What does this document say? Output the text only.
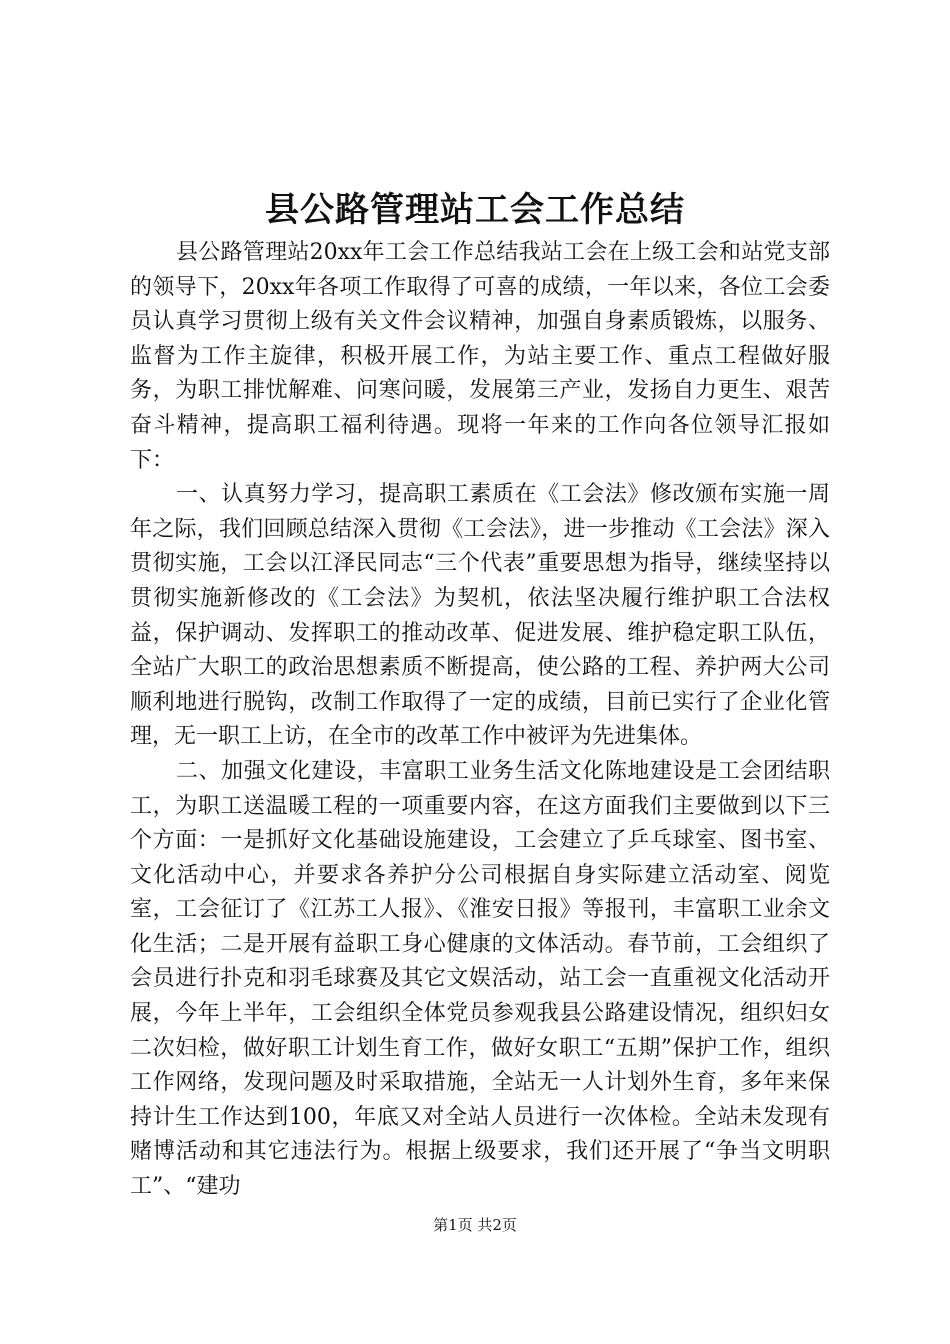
县公路管理站工会工作总结

县公路管理站20xx年工会工作总结我站工会在上级工会和站党支部的领导下，20xx年各项工作取得了可喜的成绩，一年以来，各位工会委员认真学习贯彻上级有关文件会议精神，加强自身素质锻炼，以服务、监督为工作主旋律，积极开展工作，为站主要工作、重点工程做好服务，为职工排忧解难、问寒问暖，发展第三产业，发扬自力更生、艰苦奋斗精神，提高职工福利待遇。现将一年来的工作向各位领导汇报如下：

一、认真努力学习，提高职工素质在《工会法》修改颁布实施一周年之际，我们回顾总结深入贯彻《工会法》，进一步推动《工会法》深入贯彻实施，工会以江泽民同志“三个代表”重要思想为指导，继续坚持以贯彻实施新修改的《工会法》为契机，依法坚决履行维护职工合法权益，保护调动、发挥职工的推动改革、促进发展、维护稳定职工队伍，全站广大职工的政治思想素质不断提高，使公路的工程、养护两大公司顺利地进行脱钩，改制工作取得了一定的成绩，目前已实行了企业化管理，无一职工上访，在全市的改革工作中被评为先进集体。

二、加强文化建设，丰富职工业务生活文化陈地建设是工会团结职工，为职工送温暖工程的一项重要内容，在这方面我们主要做到以下三个方面：一是抓好文化基础设施建设，工会建立了乒乓球室、图书室、文化活动中心，并要求各养护分公司根据自身实际建立活动室、阅览室，工会征订了《江苏工人报》、《淮安日报》等报刊，丰富职工业余文化生活；二是开展有益职工身心健康的文体活动。春节前，工会组织了会员进行扑克和羽毛球赛及其它文娱活动，站工会一直重视文化活动开展，今年上半年，工会组织全体党员参观我县公路建设情况，组织妇女二次妇检，做好职工计划生育工作，做好女职工“五期”保护工作，组织工作网络，发现问题及时采取措施，全站无一人计划外生育，多年来保持计生工作达到100，年底又对全站人员进行一次体检。全站未发现有赌博活动和其它违法行为。根据上级要求，我们还开展了“争当文明职工”、“建功

第1页 共2页
